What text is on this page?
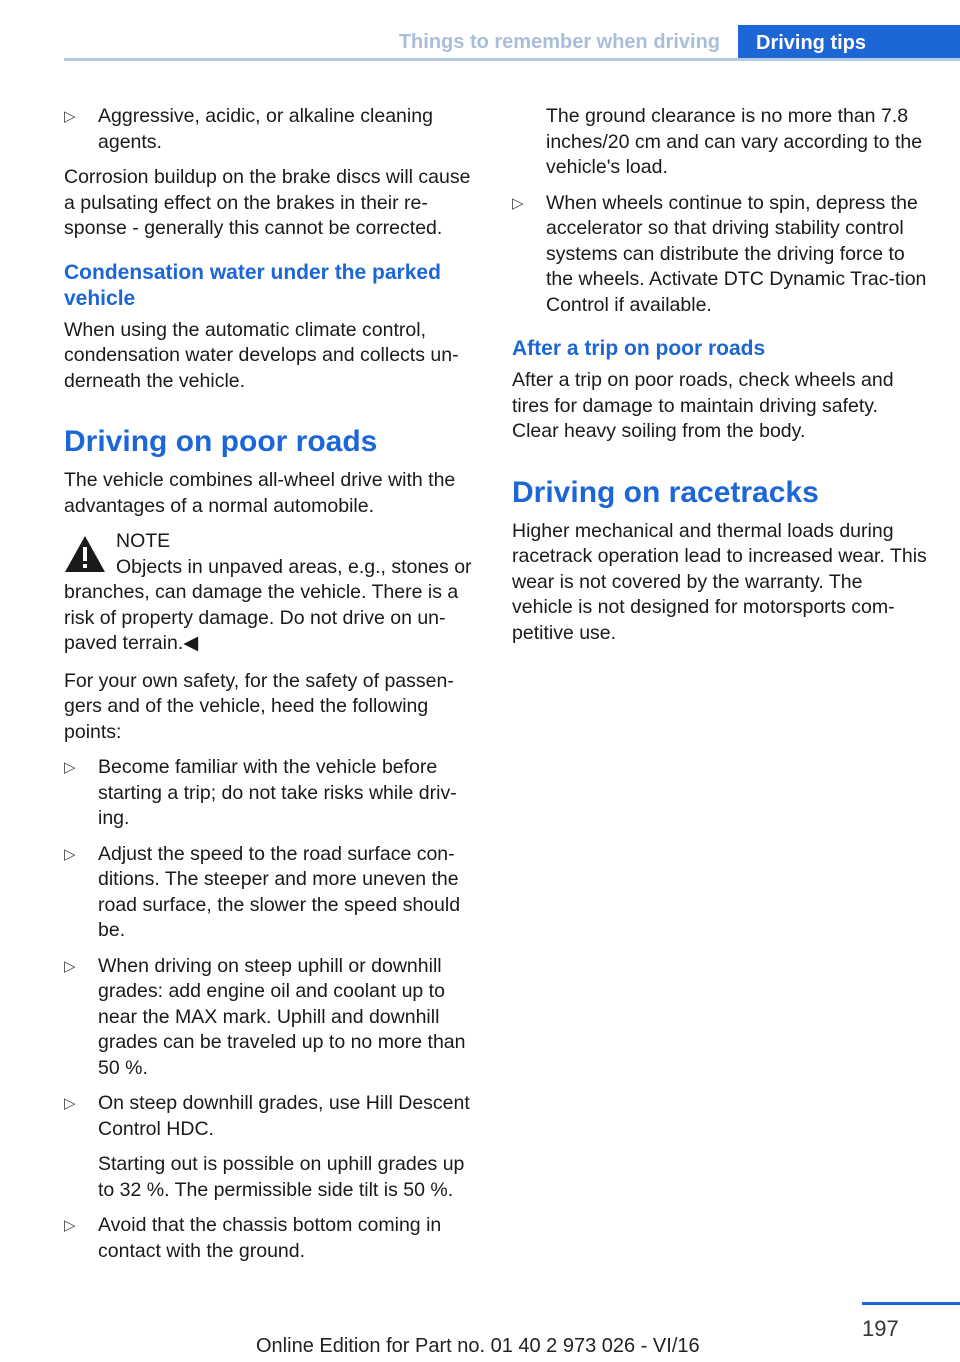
Things to remember when driving	Driving tips
▷ Aggressive, acidic, or alkaline cleaning agents.

Corrosion buildup on the brake discs will cause a pulsating effect on the brakes in their re-sponse - generally this cannot be corrected.

Condensation water under the parked vehicle

When using the automatic climate control, condensation water develops and collects un-derneath the vehicle.

Driving on poor roads

The vehicle combines all-wheel drive with the advantages of a normal automobile.

NOTE
Objects in unpaved areas, e.g., stones or branches, can damage the vehicle. There is a risk of property damage. Do not drive on un-paved terrain.◀

For your own safety, for the safety of passen-gers and of the vehicle, heed the following points:

▷ Become familiar with the vehicle before starting a trip; do not take risks while driv-ing.
▷ Adjust the speed to the road surface con-ditions. The steeper and more uneven the road surface, the slower the speed should be.
▷ When driving on steep uphill or downhill grades: add engine oil and coolant up to near the MAX mark. Uphill and downhill grades can be traveled up to no more than 50 %.
▷ On steep downhill grades, use Hill Descent Control HDC.

Starting out is possible on uphill grades up to 32 %. The permissible side tilt is 50 %.

▷ Avoid that the chassis bottom coming in contact with the ground.

The ground clearance is no more than 7.8 inches/20 cm and can vary according to the vehicle's load.

▷ When wheels continue to spin, depress the accelerator so that driving stability control systems can distribute the driving force to the wheels. Activate DTC Dynamic Trac-tion Control if available.
After a trip on poor roads

After a trip on poor roads, check wheels and tires for damage to maintain driving safety. Clear heavy soiling from the body.

Driving on racetracks

Higher mechanical and thermal loads during racetrack operation lead to increased wear. This wear is not covered by the warranty. The vehicle is not designed for motorsports com-petitive use.

197
Online Edition for Part no. 01 40 2 973 026 - VI/16
